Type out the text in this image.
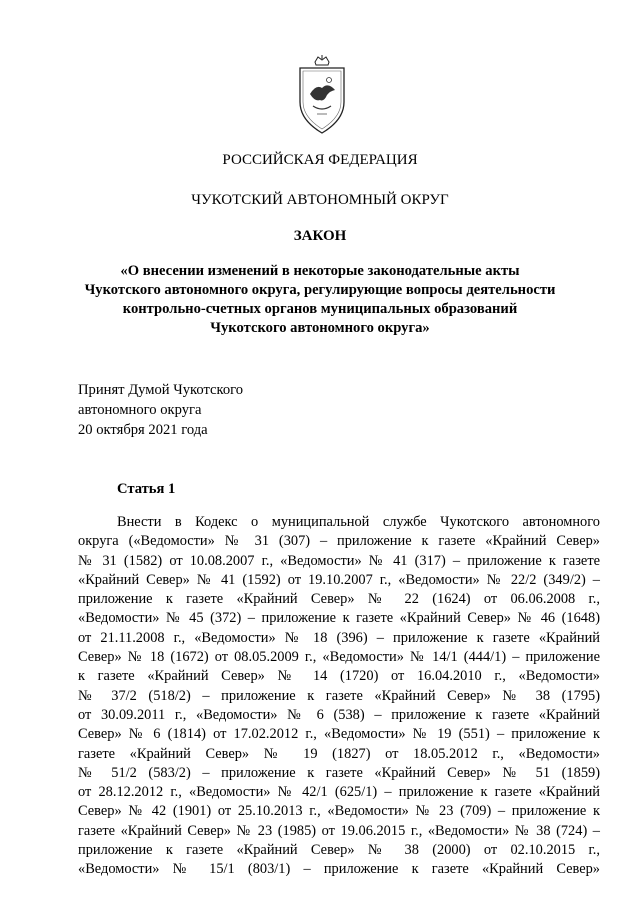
РОССИЙСКАЯ ФЕДЕРАЦИЯ
ЧУКОТСКИЙ АВТОНОМНЫЙ ОКРУГ
ЗАКОН
«О внесении изменений в некоторые законодательные акты
Чукотского автономного округа, регулирующие вопросы деятельности
контрольно-счетных органов муниципальных образований
Чукотского автономного округа»
Принят Думой Чукотского
автономного округа
20 октября 2021 года
Статья 1
Внести в Кодекс о муниципальной службе Чукотского автономного
округа («Ведомости» № 31 (307) – приложение к газете «Крайний Север»
№ 31 (1582) от 10.08.2007 г., «Ведомости» № 41 (317) – приложение к газете
«Крайний Север» № 41 (1592) от 19.10.2007 г., «Ведомости» № 22/2 (349/2) –
приложение к газете «Крайний Север» № 22 (1624) от 06.06.2008 г.,
«Ведомости» № 45 (372) – приложение к газете «Крайний Север» № 46 (1648)
от 21.11.2008 г., «Ведомости» № 18 (396) – приложение к газете «Крайний
Север» № 18 (1672) от 08.05.2009 г., «Ведомости» № 14/1 (444/1) – приложение
к газете «Крайний Север» № 14 (1720) от 16.04.2010 г., «Ведомости»
№ 37/2 (518/2) – приложение к газете «Крайний Север» № 38 (1795)
от 30.09.2011 г., «Ведомости» № 6 (538) – приложение к газете «Крайний
Север» № 6 (1814) от 17.02.2012 г., «Ведомости» № 19 (551) – приложение к
газете «Крайний Север» № 19 (1827) от 18.05.2012 г., «Ведомости»
№ 51/2 (583/2) – приложение к газете «Крайний Север» № 51 (1859)
от 28.12.2012 г., «Ведомости» № 42/1 (625/1) – приложение к газете «Крайний
Север» № 42 (1901) от 25.10.2013 г., «Ведомости» № 23 (709) – приложение к
газете «Крайний Север» № 23 (1985) от 19.06.2015 г., «Ведомости» № 38 (724) –
приложение к газете «Крайний Север» № 38 (2000) от 02.10.2015 г.,
«Ведомости» № 15/1 (803/1) – приложение к газете «Крайний Север»
